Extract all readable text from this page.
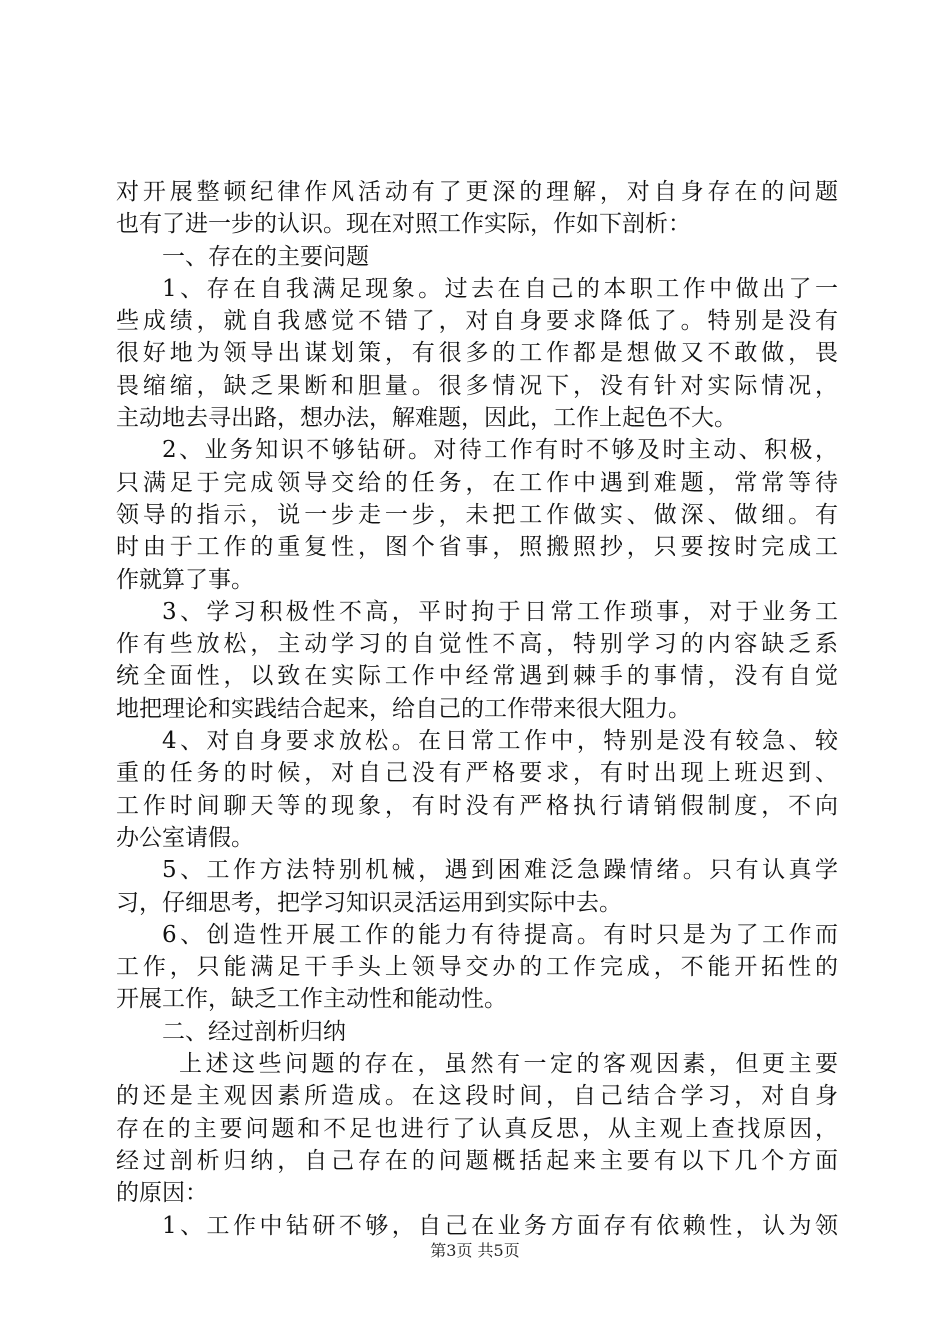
对开展整顿纪律作风活动有了更深的理解，对自身存在的问题
也有了进一步的认识。现在对照工作实际，作如下剖析：
一、存在的主要问题
1、存在自我满足现象。过去在自己的本职工作中做出了一
些成绩，就自我感觉不错了，对自身要求降低了。特别是没有
很好地为领导出谋划策，有很多的工作都是想做又不敢做，畏
畏缩缩，缺乏果断和胆量。很多情况下，没有针对实际情况，
主动地去寻出路，想办法，解难题，因此，工作上起色不大。
2、业务知识不够钻研。对待工作有时不够及时主动、积极，
只满足于完成领导交给的任务，在工作中遇到难题，常常等待
领导的指示，说一步走一步，未把工作做实、做深、做细。有
时由于工作的重复性，图个省事，照搬照抄，只要按时完成工
作就算了事。
3、学习积极性不高，平时拘于日常工作琐事，对于业务工
作有些放松，主动学习的自觉性不高，特别学习的内容缺乏系
统全面性，以致在实际工作中经常遇到棘手的事情，没有自觉
地把理论和实践结合起来，给自己的工作带来很大阻力。
4、对自身要求放松。在日常工作中，特别是没有较急、较
重的任务的时候，对自己没有严格要求，有时出现上班迟到、
工作时间聊天等的现象，有时没有严格执行请销假制度，不向
办公室请假。
5、工作方法特别机械，遇到困难泛急躁情绪。只有认真学
习，仔细思考，把学习知识灵活运用到实际中去。
6、创造性开展工作的能力有待提高。有时只是为了工作而
工作，只能满足干手头上领导交办的工作完成，不能开拓性的
开展工作，缺乏工作主动性和能动性。
二、经过剖析归纳
上述这些问题的存在，虽然有一定的客观因素，但更主要
的还是主观因素所造成。在这段时间，自己结合学习，对自身
存在的主要问题和不足也进行了认真反思，从主观上查找原因，
经过剖析归纳，自己存在的问题概括起来主要有以下几个方面
的原因：
1、工作中钻研不够，自己在业务方面存有依赖性，认为领
第3页 共5页
